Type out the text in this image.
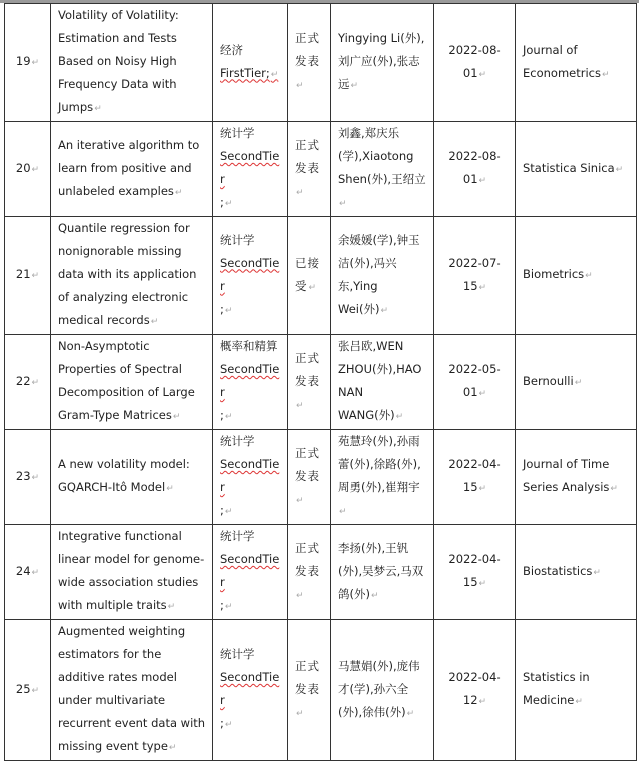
19 ↵	Volatility of Volatility: Estimation and Tests Based on Noisy High Frequency Data with Jumps ↵	经济
FirstTier; ↵	正式发表 ↵	Yingying Li(外),刘广应(外),张志远 ↵	2022-08-01 ↵	Journal of Econometrics ↵
20 ↵	An iterative algorithm to learn from positive and unlabeled examples ↵	统计学
SecondTier
; ↵	正式发表 ↵	刘鑫,郑庆乐(学),Xiaotong Shen(外),王绍立 ↵	2022-08-01 ↵	Statistica Sinica ↵
21 ↵	Quantile regression for nonignorable missing data with its application of analyzing electronic medical records ↵	统计学
SecondTier
; ↵	已接受 ↵	余媛媛(学),钟玉洁(外),冯兴东,Ying Wei(外) ↵	2022-07-15 ↵	Biometrics ↵
22 ↵	Non-Asymptotic Properties of Spectral Decomposition of Large Gram-Type Matrices ↵	概率和精算
SecondTier
; ↵	正式发表 ↵	张吕欧,WEN ZHOU(外),HAONAN WANG(外) ↵	2022-05-01 ↵	Bernoulli ↵
23 ↵	A new volatility model: GQARCH-Itô Model ↵	统计学
SecondTier
; ↵	正式发表 ↵	苑慧玲(外),孙雨蕾(外),徐路(外),周勇(外),崔翔宇 ↵	2022-04-15 ↵	Journal of Time Series Analysis ↵
24 ↵	Integrative functional linear model for genome-wide association studies with multiple traits ↵	统计学
SecondTier
; ↵	正式发表 ↵	李扬(外),王钒(外),吴梦云,马双鸽(外) ↵	2022-04-15 ↵	Biostatistics ↵
25 ↵	Augmented weighting estimators for the additive rates model under multivariate recurrent event data with missing event type ↵	统计学
SecondTier
; ↵	正式发表 ↵	马慧娟(外),庞伟才(学),孙六全(外),徐伟(外) ↵	2022-04-12 ↵	Statistics in Medicine ↵
